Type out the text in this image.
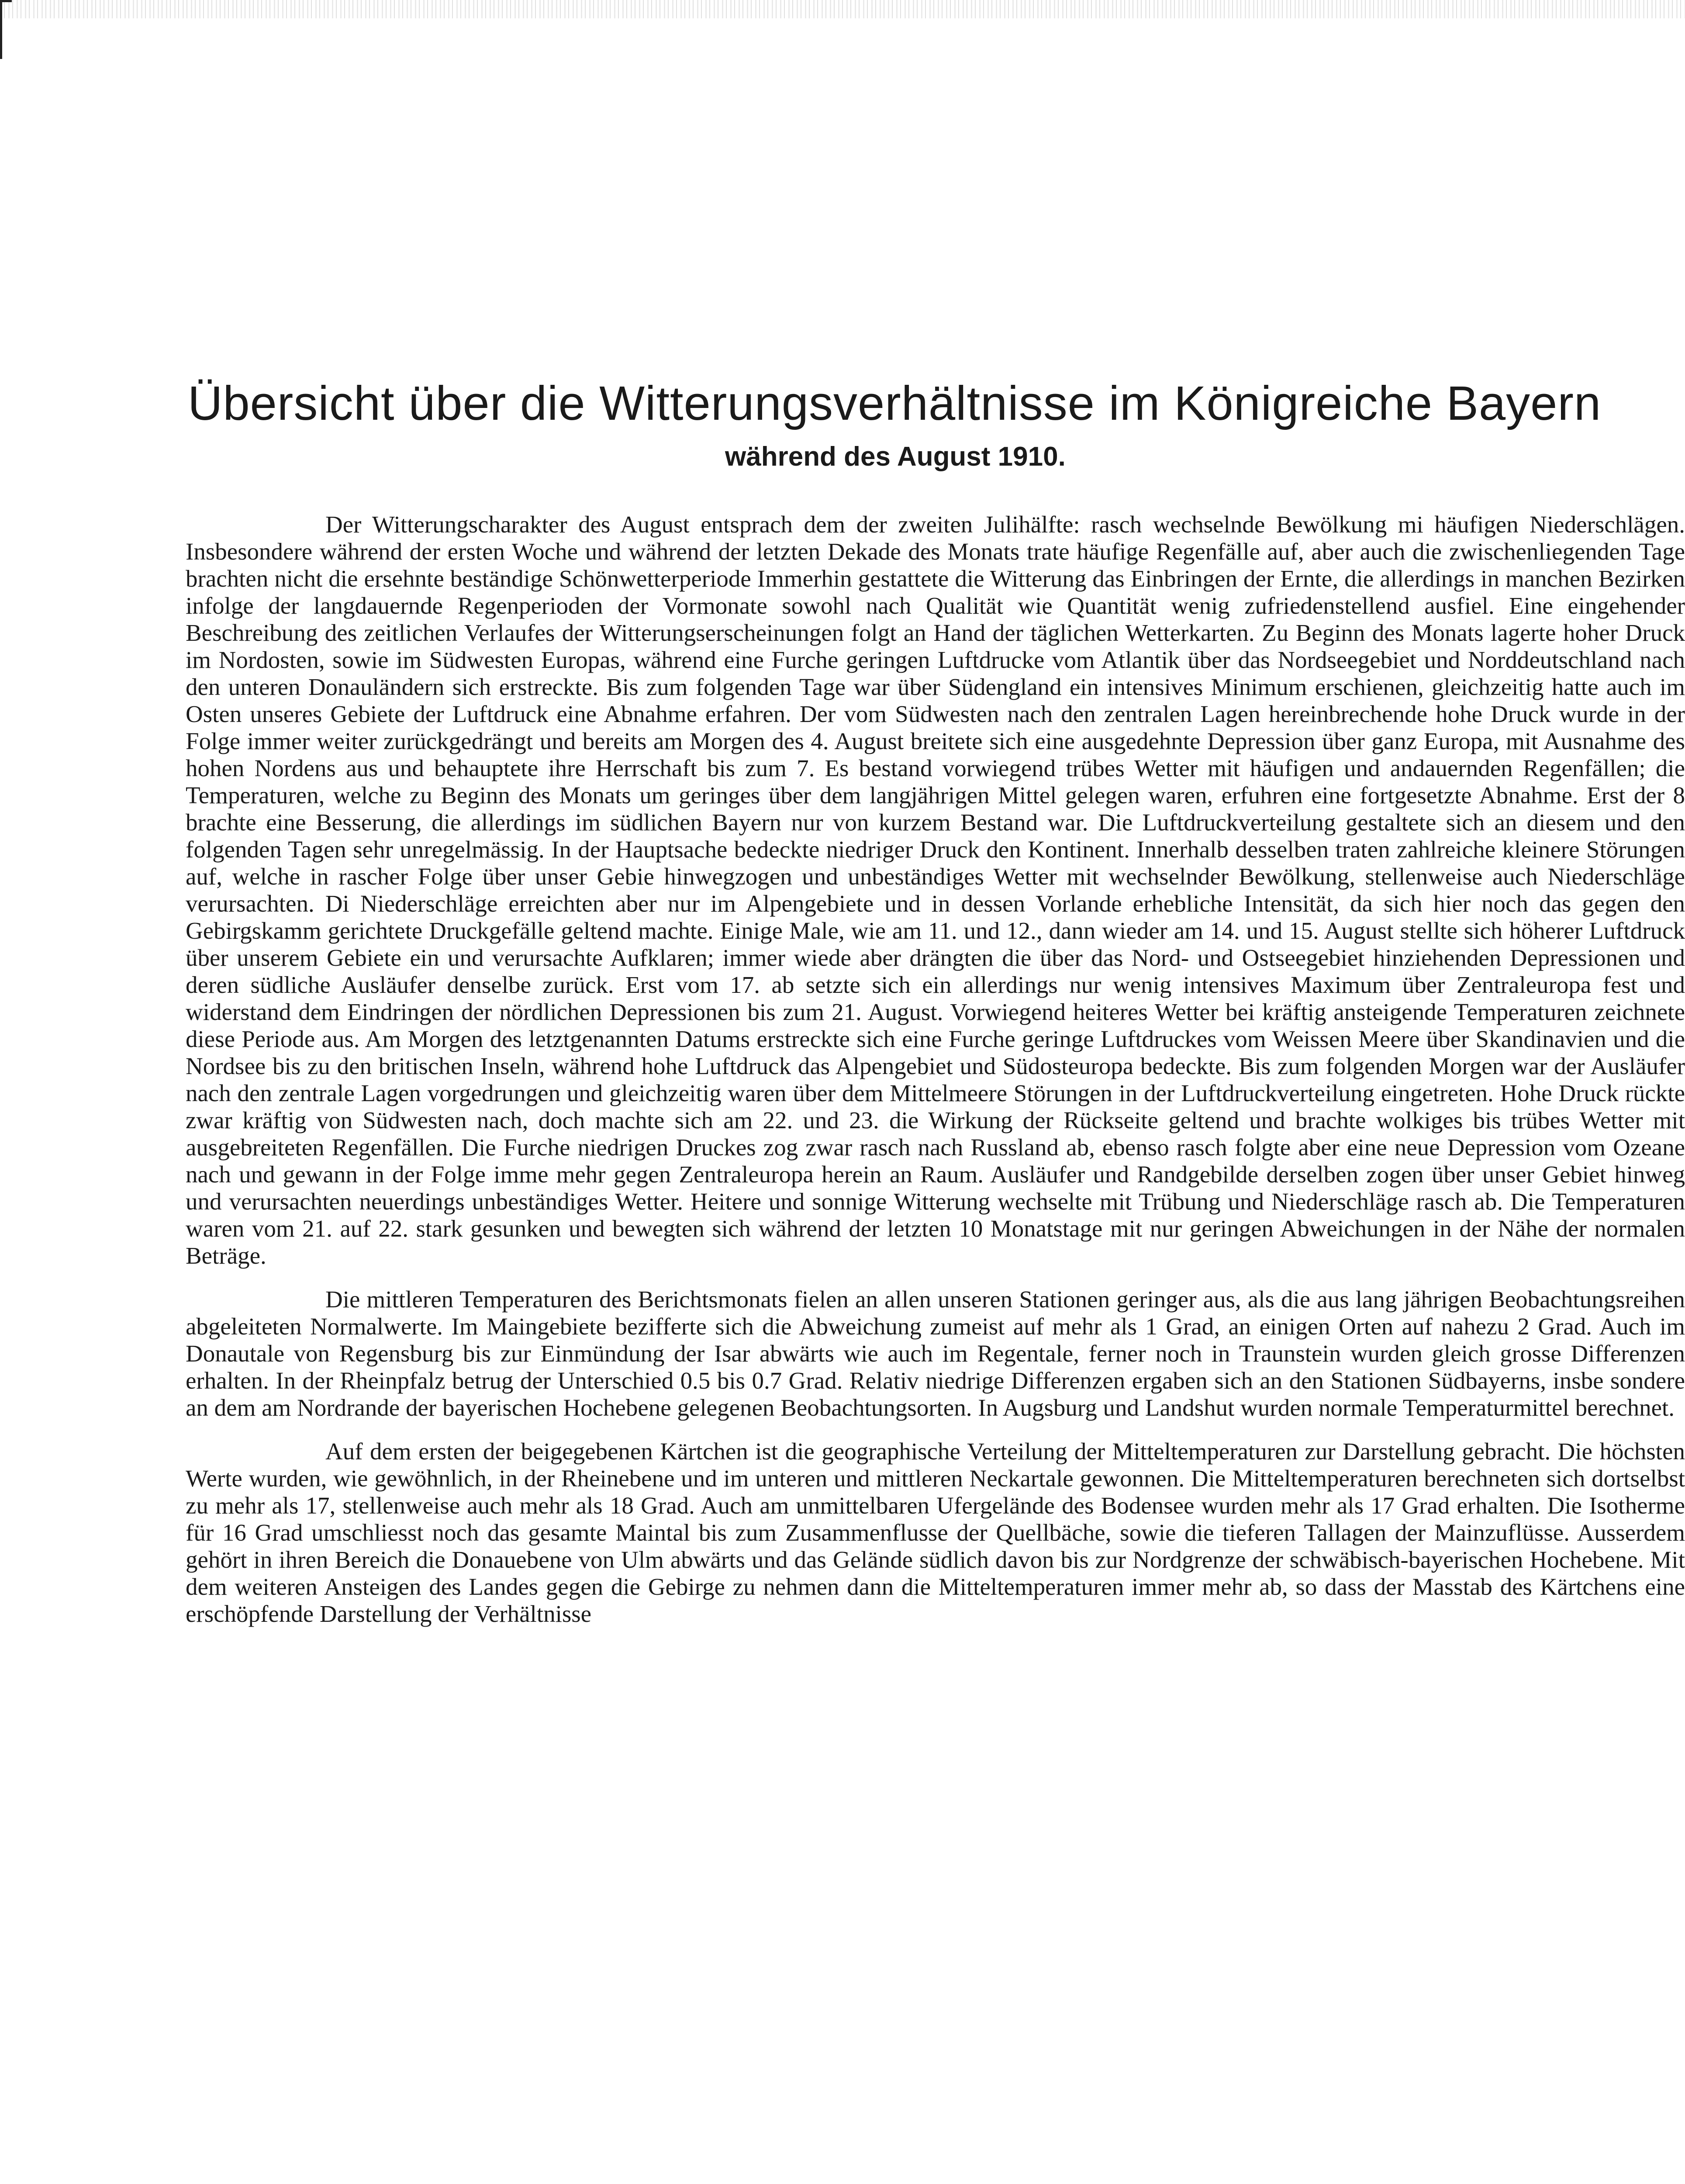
Übersicht über die Witterungsverhältnisse im Königreiche Bayern
während des August 1910.

Der Witterungscharakter des August entsprach dem der zweiten Julihälfte: rasch wechselnde Bewölkung mi häufigen Niederschlägen. Insbesondere während der ersten Woche und während der letzten Dekade des Monats trate häufige Regenfälle auf, aber auch die zwischenliegenden Tage brachten nicht die ersehnte beständige Schönwetterperiode Immerhin gestattete die Witterung das Einbringen der Ernte, die allerdings in manchen Bezirken infolge der langdauernde Regenperioden der Vormonate sowohl nach Qualität wie Quantität wenig zufriedenstellend ausfiel. Eine eingehender Beschreibung des zeitlichen Verlaufes der Witterungserscheinungen folgt an Hand der täglichen Wetterkarten. Zu Beginn des Monats lagerte hoher Druck im Nordosten, sowie im Südwesten Europas, während eine Furche geringen Luftdrucke vom Atlantik über das Nordseegebiet und Norddeutschland nach den unteren Donauländern sich erstreckte. Bis zum folgenden Tage war über Südengland ein intensives Minimum erschienen, gleichzeitig hatte auch im Osten unseres Gebiete der Luftdruck eine Abnahme erfahren. Der vom Südwesten nach den zentralen Lagen hereinbrechende hohe Druck wurde in der Folge immer weiter zurückgedrängt und bereits am Morgen des 4. August breitete sich eine ausgedehnte Depression über ganz Europa, mit Ausnahme des hohen Nordens aus und behauptete ihre Herrschaft bis zum 7. Es bestand vorwiegend trübes Wetter mit häufigen und andauernden Regenfällen; die Temperaturen, welche zu Beginn des Monats um geringes über dem langjährigen Mittel gelegen waren, erfuhren eine fortgesetzte Abnahme. Erst der 8 brachte eine Besserung, die allerdings im südlichen Bayern nur von kurzem Bestand war. Die Luftdruckverteilung gestaltete sich an diesem und den folgenden Tagen sehr unregelmässig. In der Hauptsache bedeckte niedriger Druck den Kontinent. Innerhalb desselben traten zahlreiche kleinere Störungen auf, welche in rascher Folge über unser Gebie hinwegzogen und unbeständiges Wetter mit wechselnder Bewölkung, stellenweise auch Niederschläge verursachten. Di Niederschläge erreichten aber nur im Alpengebiete und in dessen Vorlande erhebliche Intensität, da sich hier noch das gegen den Gebirgskamm gerichtete Druckgefälle geltend machte. Einige Male, wie am 11. und 12., dann wieder am 14. und 15. August stellte sich höherer Luftdruck über unserem Gebiete ein und verursachte Aufklaren; immer wiede aber drängten die über das Nord- und Ostseegebiet hinziehenden Depressionen und deren südliche Ausläufer denselbe zurück. Erst vom 17. ab setzte sich ein allerdings nur wenig intensives Maximum über Zentraleuropa fest und widerstand dem Eindringen der nördlichen Depressionen bis zum 21. August. Vorwiegend heiteres Wetter bei kräftig ansteigende Temperaturen zeichnete diese Periode aus. Am Morgen des letztgenannten Datums erstreckte sich eine Furche geringe Luftdruckes vom Weissen Meere über Skandinavien und die Nordsee bis zu den britischen Inseln, während hohe Luftdruck das Alpengebiet und Südosteuropa bedeckte. Bis zum folgenden Morgen war der Ausläufer nach den zentrale Lagen vorgedrungen und gleichzeitig waren über dem Mittelmeere Störungen in der Luftdruckverteilung eingetreten. Hohe Druck rückte zwar kräftig von Südwesten nach, doch machte sich am 22. und 23. die Wirkung der Rückseite geltend und brachte wolkiges bis trübes Wetter mit ausgebreiteten Regenfällen. Die Furche niedrigen Druckes zog zwar rasch nach Russland ab, ebenso rasch folgte aber eine neue Depression vom Ozeane nach und gewann in der Folge imme mehr gegen Zentraleuropa herein an Raum. Ausläufer und Randgebilde derselben zogen über unser Gebiet hinweg und verursachten neuerdings unbeständiges Wetter. Heitere und sonnige Witterung wechselte mit Trübung und Niederschläge rasch ab. Die Temperaturen waren vom 21. auf 22. stark gesunken und bewegten sich während der letzten 10 Monatstage mit nur geringen Abweichungen in der Nähe der normalen Beträge.

Die mittleren Temperaturen des Berichtsmonats fielen an allen unseren Stationen geringer aus, als die aus lang jährigen Beobachtungsreihen abgeleiteten Normalwerte. Im Maingebiete bezifferte sich die Abweichung zumeist auf mehr als 1 Grad, an einigen Orten auf nahezu 2 Grad. Auch im Donautale von Regensburg bis zur Einmündung der Isar abwärts wie auch im Regentale, ferner noch in Traunstein wurden gleich grosse Differenzen erhalten. In der Rheinpfalz betrug der Unterschied 0.5 bis 0.7 Grad. Relativ niedrige Differenzen ergaben sich an den Stationen Südbayerns, insbe sondere an dem am Nordrande der bayerischen Hochebene gelegenen Beobachtungsorten. In Augsburg und Landshut wurden normale Temperaturmittel berechnet.

Auf dem ersten der beigegebenen Kärtchen ist die geographische Verteilung der Mitteltemperaturen zur Darstellung gebracht. Die höchsten Werte wurden, wie gewöhnlich, in der Rheinebene und im unteren und mittleren Neckartale gewonnen. Die Mitteltemperaturen berechneten sich dortselbst zu mehr als 17, stellenweise auch mehr als 18 Grad. Auch am unmittelbaren Ufergelände des Bodensee wurden mehr als 17 Grad erhalten. Die Isotherme für 16 Grad umschliesst noch das gesamte Maintal bis zum Zusammenflusse der Quellbäche, sowie die tieferen Tallagen der Mainzuflüsse. Ausserdem gehört in ihren Bereich die Donauebene von Ulm abwärts und das Gelände südlich davon bis zur Nordgrenze der schwäbisch-bayerischen Hochebene. Mit dem weiteren Ansteigen des Landes gegen die Gebirge zu nehmen dann die Mitteltemperaturen immer mehr ab, so dass der Masstab des Kärtchens eine erschöpfende Darstellung der Verhältnisse
